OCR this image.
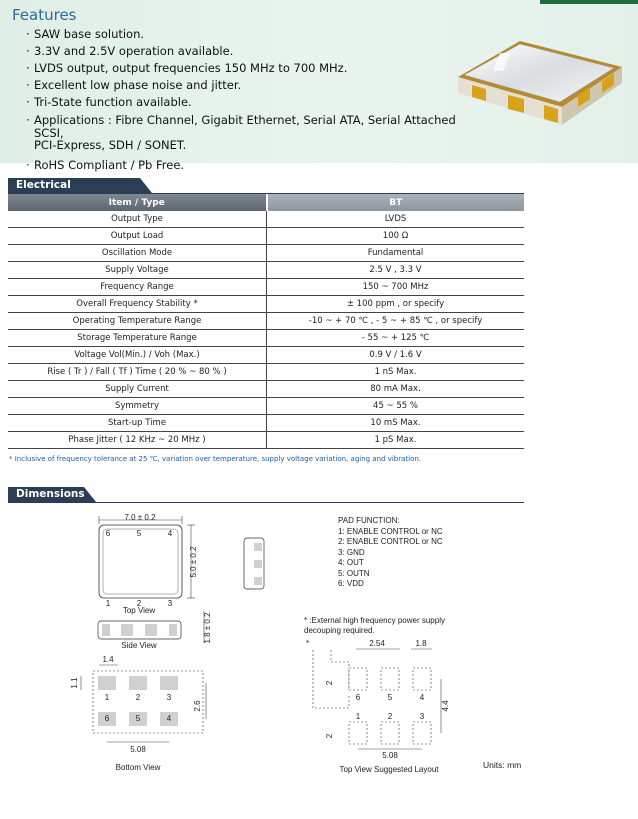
Features
· SAW base solution.
· 3.3V and 2.5V operation available.
· LVDS output, output frequencies 150 MHz to 700 MHz.
· Excellent low phase noise and jitter.
· Tri-State function available.
· Applications : Fibre Channel, Gigabit Ethernet, Serial ATA, Serial Attached SCSI,
PCI-Express, SDH / SONET.
· RoHS Compliant / Pb Free.
Electrical
Item / Type	BT
Output Type	LVDS
Output Load	100 Ω
Oscillation Mode	Fundamental
Supply Voltage	2.5 V , 3.3 V
Frequency Range	150 ~ 700 MHz
Overall Frequency Stability *	± 100 ppm , or specify
Operating Temperature Range	-10 ~ + 70 ℃ , - 5 ~ + 85 ℃ , or specify
Storage Temperature Range	- 55 ~ + 125 ℃
Voltage Vol(Min.) / Voh (Max.)	0.9 V / 1.6 V
Rise ( Tr ) / Fall ( Tf ) Time ( 20 % ~ 80 % )	1 nS Max.
Supply Current	80 mA Max.
Symmetry	45 ~ 55 %
Start-up Time	10 mS Max.
Phase Jitter ( 12 KHz ~ 20 MHz )	1 pS Max.
* Inclusive of frequency tolerance at 25 ℃, variation over temperature, supply voltage variation, aging and vibration.
Dimensions
7.0 ± 0.2
6	5	4
1	2	3
5.0 ± 0.2
Top View
1.8 ± 0.2
Side View
1.4
1	2	3
6	5	4
1.1
2.6
5.08
Bottom View
*	2.54	1.8
6	5	4
1	2	3
2
2
4.4
5.08
Top View Suggested Layout
PAD FUNCTION:
1: ENABLE CONTROL or NC
2: ENABLE CONTROL or NC
3: GND
4: OUT
5: OUTN
6: VDD
* :External high frequency power supply decouping required.
Units: mm
